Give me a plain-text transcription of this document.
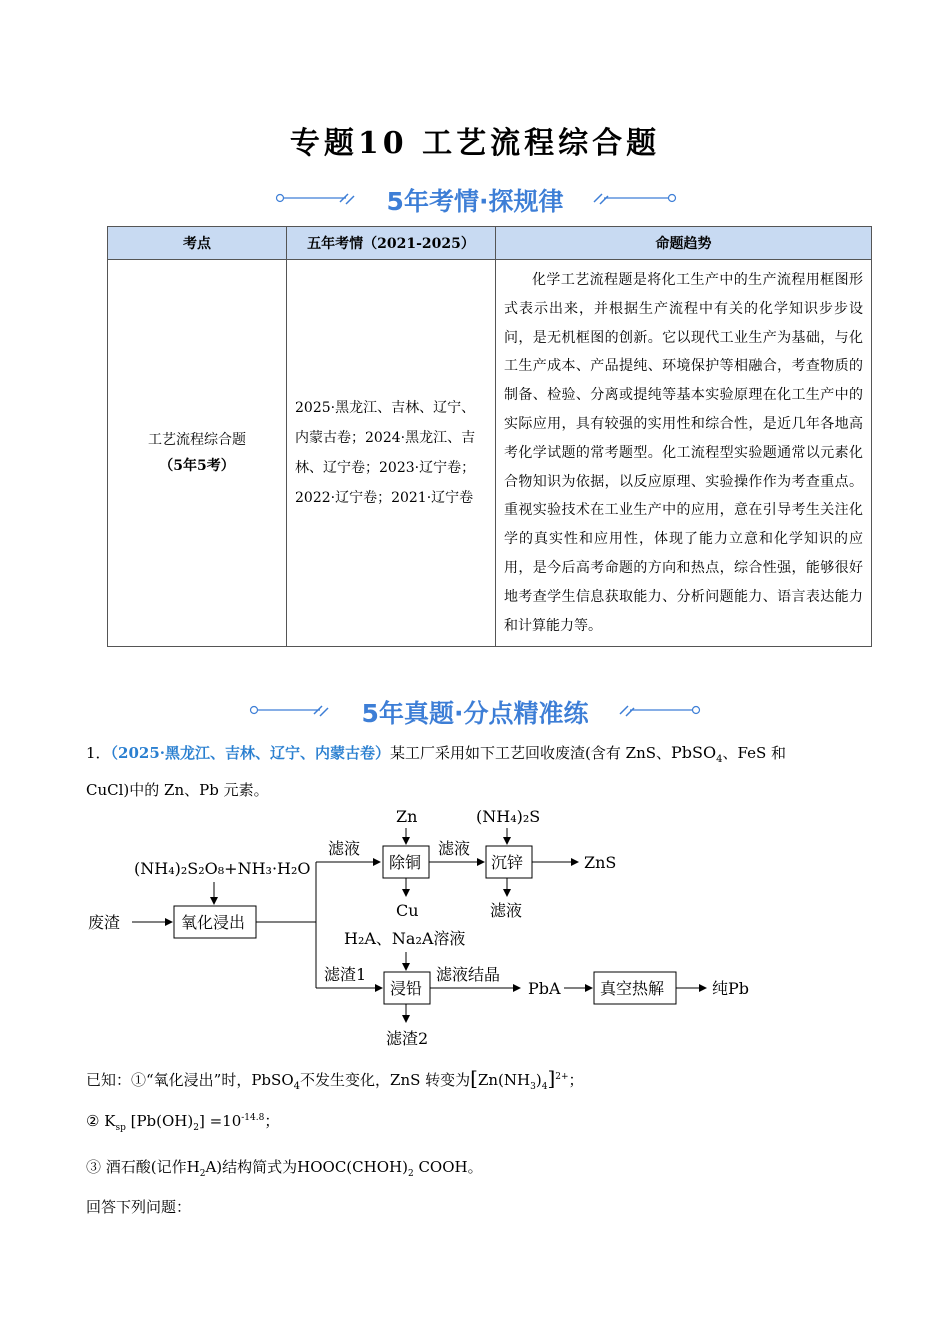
专题10 工艺流程综合题
5年考情·探规律
考点	五年考情（2021-2025）	命题趋势

工艺流程综合题
（5年5考）	2025·黑龙江、吉林、辽宁、内蒙古卷；2024·黑龙江、吉林、辽宁卷；2023·辽宁卷；2022·辽宁卷；2021·辽宁卷	化学工艺流程题是将化工生产中的生产流程用框图形式表示出来，并根据生产流程中有关的化学知识步步设问，是无机框图的创新。它以现代工业生产为基础，与化工生产成本、产品提纯、环境保护等相融合，考查物质的制备、检验、分离或提纯等基本实验原理在化工生产中的实际应用，具有较强的实用性和综合性，是近几年各地高考化学试题的常考题型。化工流程型实验题通常以元素化合物知识为依据，以反应原理、实验操作作为考查重点。重视实验技术在工业生产中的应用，意在引导考生关注化学的真实性和应用性，体现了能力立意和化学知识的应用，是今后高考命题的方向和热点，综合性强，能够很好地考查学生信息获取能力、分析问题能力、语言表达能力和计算能力等。
5年真题·分点精准练
1．（2025·黑龙江、吉林、辽宁、内蒙古卷）某工厂采用如下工艺回收废渣(含有 ZnS、PbSO$_4$、FeS 和
CuCl)中的 Zn、Pb 元素。
(NH₄)₂S₂O₈+NH₃·H₂O
废渣	氧化浸出
滤液
Zn
除铜
Cu
滤液
(NH₄)₂S
沉锌	ZnS
滤液
H₂A、Na₂A溶液
滤渣1
浸铅
滤液结晶
PbA 真空热解	纯Pb
滤渣2
已知：①“氧化浸出”时，PbSO$_4$不发生变化，ZnS 转变为$[Zn(NH_3)_4]^{2+}$；
② $K_{sp}$ $[Pb(OH)_2] =10^{-14.8}$；
③ 酒石酸(记作$H_2A$)结构简式为$HOOC(CHOH)_2$ COOH。
回答下列问题：
